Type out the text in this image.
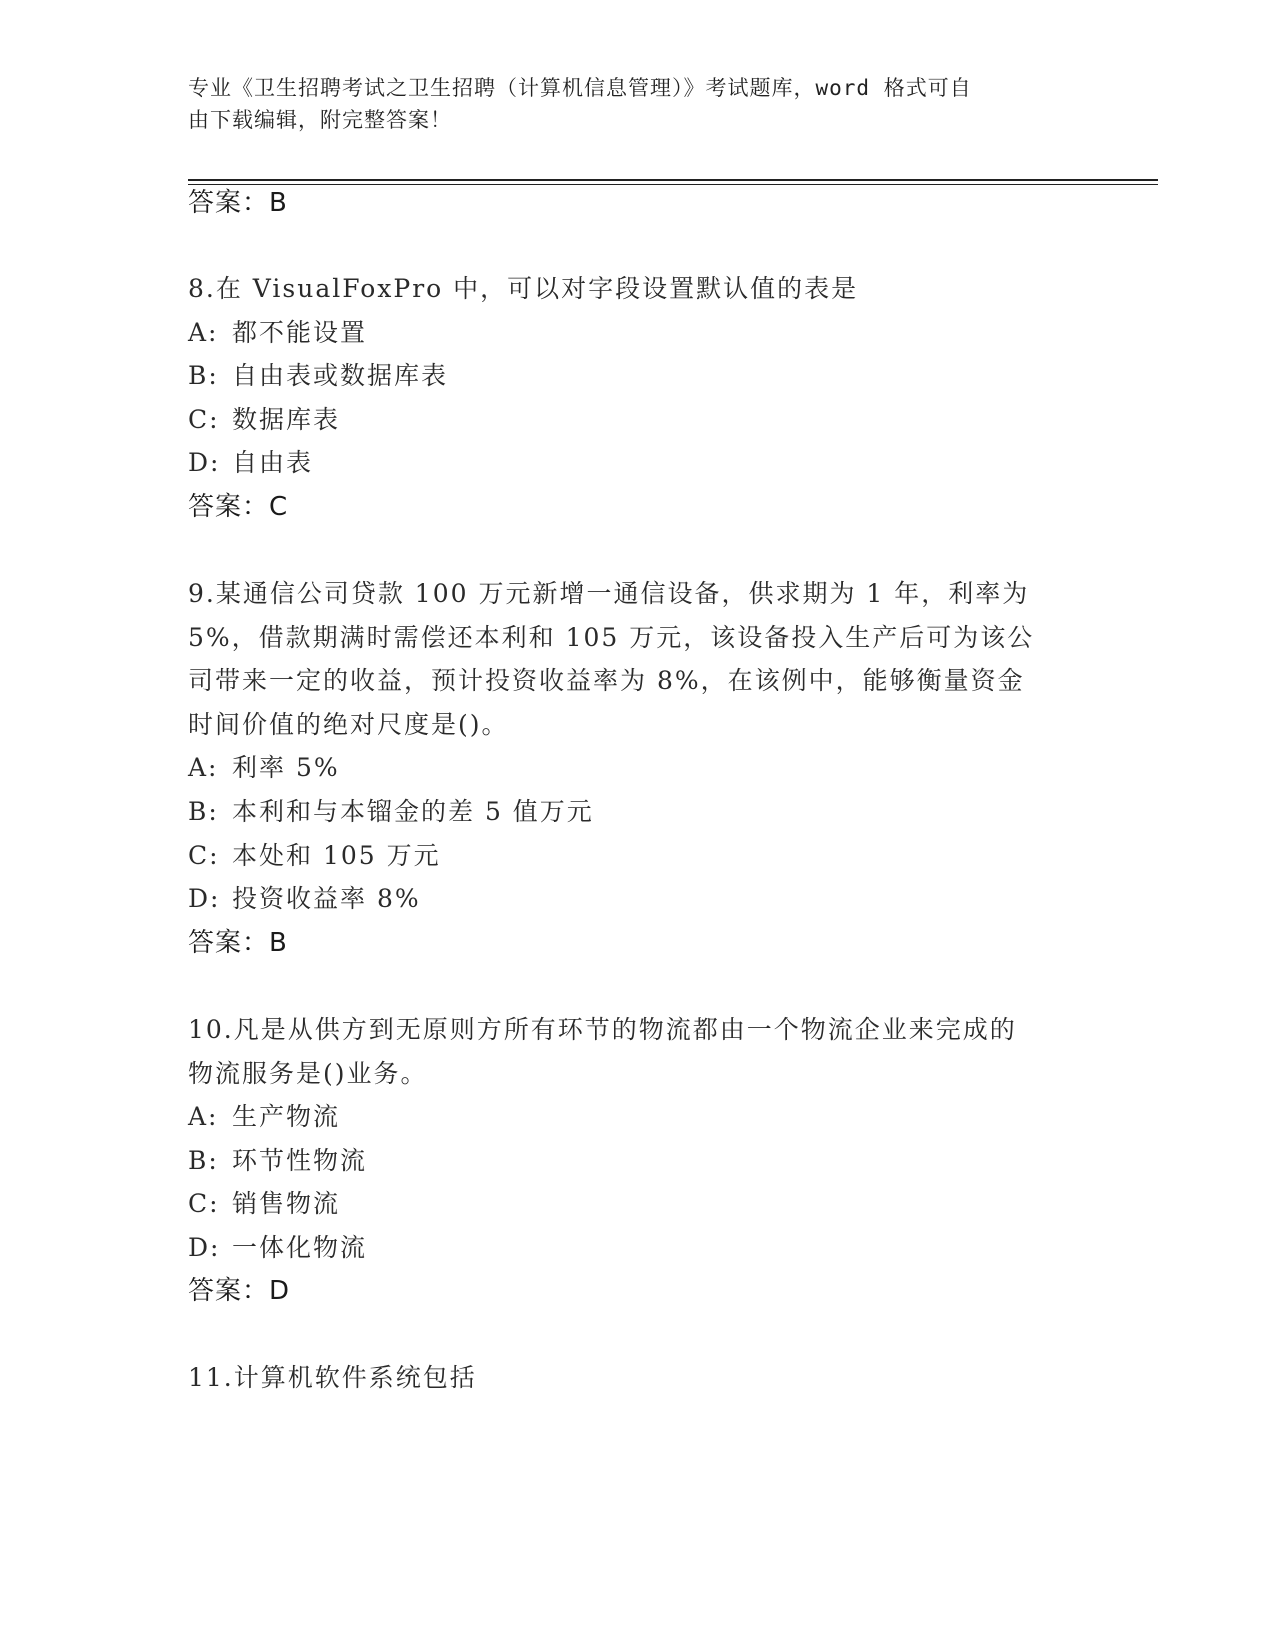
专业《卫生招聘考试之卫生招聘（计算机信息管理）》考试题库，word 格式可自
由下载编辑，附完整答案！
答案：B
8.在 VisualFoxPro 中，可以对字段设置默认值的表是
A: 都不能设置
B: 自由表或数据库表
C: 数据库表
D: 自由表
答案：C
9.某通信公司贷款 100 万元新增一通信设备，供求期为 1 年，利率为
5%，借款期满时需偿还本利和 105 万元，该设备投入生产后可为该公
司带来一定的收益，预计投资收益率为 8%，在该例中，能够衡量资金
时间价值的绝对尺度是()。
A: 利率 5%
B: 本利和与本镏金的差 5 值万元
C: 本处和 105 万元
D: 投资收益率 8%
答案：B
10.凡是从供方到无原则方所有环节的物流都由一个物流企业来完成的
物流服务是()业务。
A: 生产物流
B: 环节性物流
C: 销售物流
D: 一体化物流
答案：D
11.计算机软件系统包括
